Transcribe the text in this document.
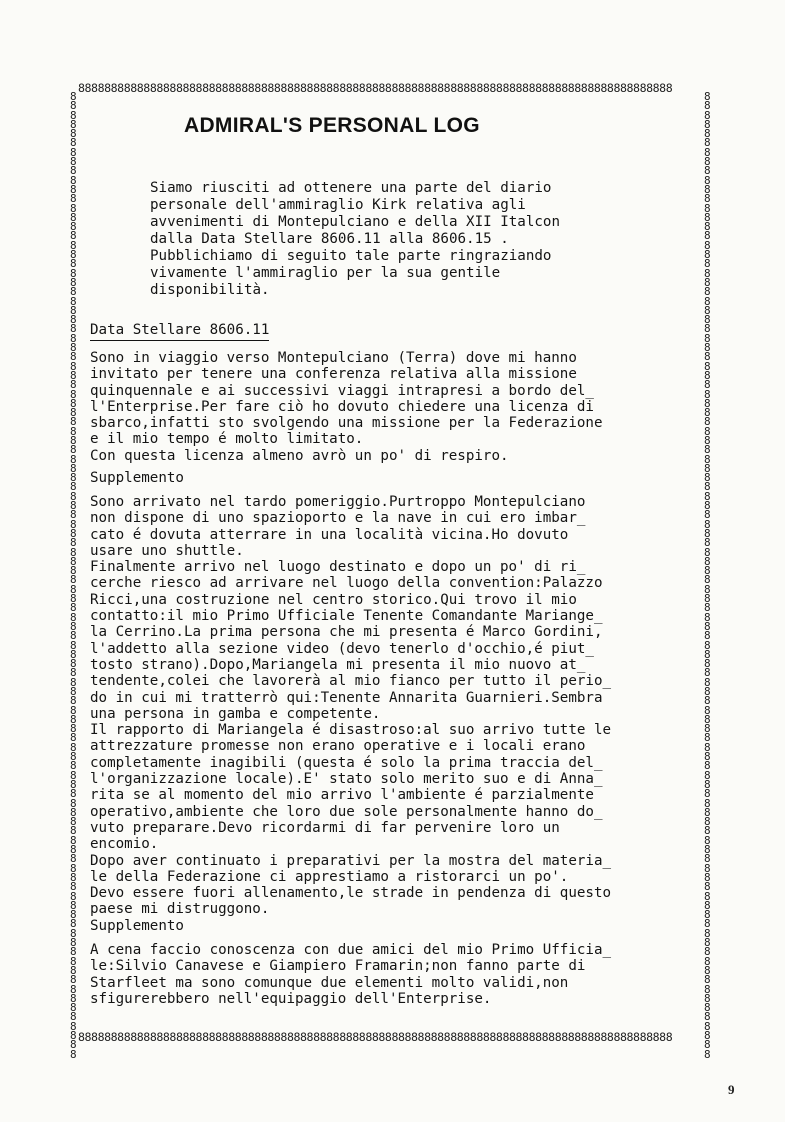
8888888888888888888888888888888888888888888888888888888888888888888888888888888888888888888
8888888888888888888888888888888888888888888888888888888888888888888888888888888888888888888
88888888888888888888888888888888888888888888888888888888888888888888888888888888888888888888888888888888
88888888888888888888888888888888888888888888888888888888888888888888888888888888888888888888888888888888
ADMIRAL'S PERSONAL LOG

Siamo riusciti ad ottenere una parte del diario
personale dell'ammiraglio Kirk relativa agli
avvenimenti di Montepulciano e della XII Italcon
dalla Data Stellare 8606.11 alla 8606.15 .
Pubblichiamo di seguito tale parte ringraziando
vivamente l'ammiraglio per la sua gentile
disponibilità.

Data Stellare 8606.11

Sono in viaggio verso Montepulciano (Terra) dove mi hanno
invitato per tenere una conferenza relativa alla missione
quinquennale e ai successivi viaggi intrapresi a bordo del_
l'Enterprise.Per fare ciò ho dovuto chiedere una licenza di
sbarco,infatti sto svolgendo una missione per la Federazione
e il mio tempo é molto limitato.
Con questa licenza almeno avrò un po' di respiro.

Supplemento

Sono arrivato nel tardo pomeriggio.Purtroppo Montepulciano
non dispone di uno spazioporto e la nave in cui ero imbar_
cato é dovuta atterrare in una località vicina.Ho dovuto
usare uno shuttle.
Finalmente arrivo nel luogo destinato e dopo un po' di ri_
cerche riesco ad arrivare nel luogo della convention:Palazzo
Ricci,una costruzione nel centro storico.Qui trovo il mio
contatto:il mio Primo Ufficiale Tenente Comandante Mariange_
la Cerrino.La prima persona che mi presenta é Marco Gordini,
l'addetto alla sezione video (devo tenerlo d'occhio,é piut_
tosto strano).Dopo,Mariangela mi presenta il mio nuovo at_
tendente,colei che lavorerà al mio fianco per tutto il perio_
do in cui mi tratterrò qui:Tenente Annarita Guarnieri.Sembra
una persona in gamba e competente.
Il rapporto di Mariangela é disastroso:al suo arrivo tutte le
attrezzature promesse non erano operative e i locali erano
completamente inagibili (questa é solo la prima traccia del_
l'organizzazione locale).E' stato solo merito suo e di Anna_
rita se al momento del mio arrivo l'ambiente é parzialmente
operativo,ambiente che loro due sole personalmente hanno do_
vuto preparare.Devo ricordarmi di far pervenire loro un
encomio.
Dopo aver continuato i preparativi per la mostra del materia_
le della Federazione ci apprestiamo a ristorarci un po'.
Devo essere fuori allenamento,le strade in pendenza di questo
paese mi distruggono.

Supplemento

A cena faccio conoscenza con due amici del mio Primo Ufficia_
le:Silvio Canavese e Giampiero Framarin;non fanno parte di
Starfleet ma sono comunque due elementi molto validi,non
sfigurerebbero nell'equipaggio dell'Enterprise.

9
